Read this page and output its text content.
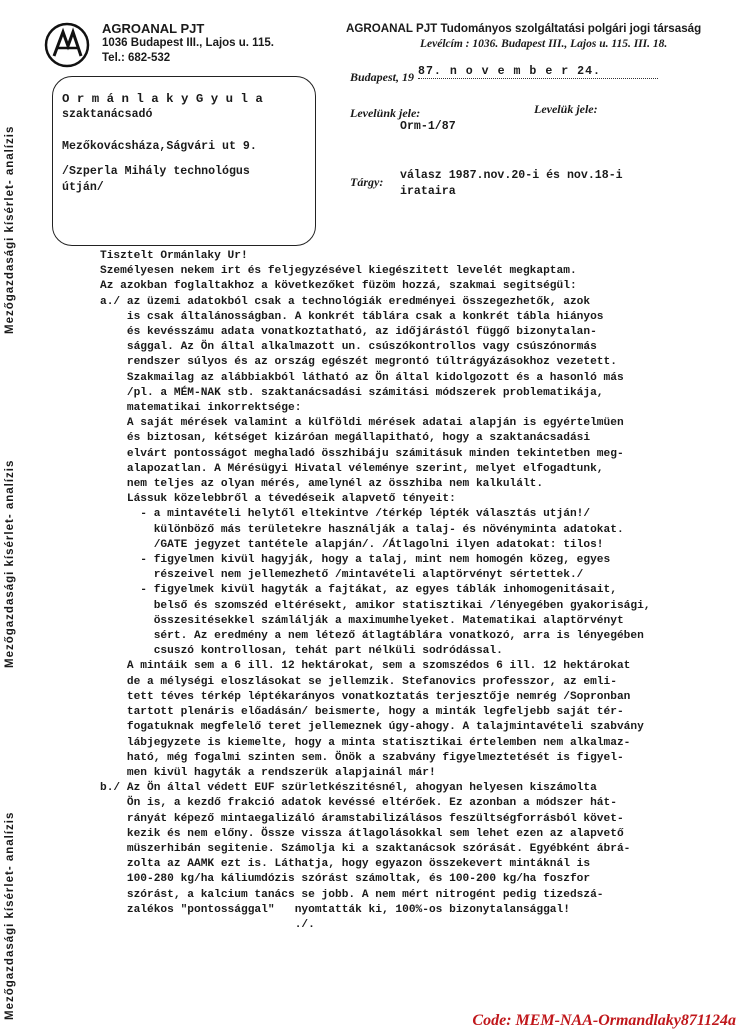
Mezőgazdasági kísérlet- analízis
Mezőgazdasági kísérlet- analízis
Mezőgazdasági kísérlet- analízis
AGROANAL PJT
1036 Budapest III., Lajos u. 115.
Tel.: 682-532
AGROANAL PJT Tudományos szolgáltatási polgári jogi társaság
Levélcím : 1036. Budapest III., Lajos u. 115. III. 18.
Budapest, 19 87. n o v e m b e r 24.
Levelünk jele:
Orm-1/87
Levelük jele:
O r m á n l a k y G y u l a
szaktanácsadó
Mezőkovácsháza,Ságvári ut 9.
/Szperla Mihály technológus
útján/	Tárgy: válasz 1987.nov.20-i és nov.18-i
irataira

Tisztelt Ormánlaky Ur!

Személyesen nekem irt és feljegyzésével kiegészitett levelét megkaptam.

Az azokban foglaltakhoz a következőket füzöm hozzá, szakmai segitségül:

a./ az üzemi adatokból csak a technológiák eredményei összegezhetők, azok

is csak általánosságban. A konkrét táblára csak a konkrét tábla hiányos

és kevésszámu adata vonatkoztatható, az időjárástól függő bizonytalan-

sággal. Az Ön által alkalmazott un. csúszókontrollos vagy csúszónormás

rendszer súlyos és az ország egészét megrontó túltrágyázásokhoz vezetett.

Szakmailag az alábbiakból látható az Ön által kidolgozott és a hasonló más

/pl. a MÉM-NAK stb. szaktanácsadási számitási módszerek problematikája,

matematikai inkorrektsége:

A saját mérések valamint a külföldi mérések adatai alapján is egyértelmüen

és biztosan, kétséget kizáróan megállapitható, hogy a szaktanácsadási

elvárt pontosságot meghaladó összhibáju számitásuk minden tekintetben meg-

alapozatlan. A Mérésügyi Hivatal véleménye szerint, melyet elfogadtunk,

nem teljes az olyan mérés, amelynél az összhiba nem kalkulált.

Lássuk közelebbről a tévedéseik alapvető tényeit:

- a mintavételi helytől eltekintve /térkép lépték választás utján!/

különböző más területekre használják a talaj- és növényminta adatokat.

/GATE jegyzet tantétele alapján/. /Átlagolni ilyen adatokat: tilos!

- figyelmen kivül hagyják, hogy a talaj, mint nem homogén közeg, egyes

részeivel nem jellemezhető /mintavételi alaptörvényt sértettek./

- figyelmek kivül hagyták a fajtákat, az egyes táblák inhomogenitásait,

belső és szomszéd eltérésekt, amikor statisztikai /lényegében gyakorisági,

összesitésekkel számlálják a maximumhelyeket. Matematikai alaptörvényt

sért. Az eredmény a nem létező átlagtáblára vonatkozó, arra is lényegében

csuszó kontrollosan, tehát part nélküli sodródással.

A mintáik sem a 6 ill. 12 hektárokat, sem a szomszédos 6 ill. 12 hektárokat

de a mélységi eloszlásokat se jellemzik. Stefanovics professzor, az emli-

tett téves térkép léptékarányos vonatkoztatás terjesztője nemrég /Sopronban

tartott plenáris előadásán/ beismerte, hogy a minták legfeljebb saját tér-

fogatuknak megfelelő teret jellemeznek úgy-ahogy. A talajmintavételi szabvány

lábjegyzete is kiemelte, hogy a minta statisztikai értelemben nem alkalmaz-

ható, még fogalmi szinten sem. Önök a szabvány figyelmeztetését is figyel-

men kivül hagyták a rendszerük alapjainál már!

b./ Az Ön által védett EUF szürletkészitésnél, ahogyan helyesen kiszámolta

Ön is, a kezdő frakció adatok kevéssé eltérőek. Ez azonban a módszer hát-

rányát képező mintaegalizáló áramstabilizálásos feszültségforrásból követ-

kezik és nem előny. Össze vissza átlagolásokkal sem lehet ezen az alapvető

müszerhibán segitenie. Számolja ki a szaktanácsok szórását. Egyébként ábrá-

zolta az AAMK ezt is. Láthatja, hogy egyazon összekevert mintáknál is

100-280 kg/ha káliumdózis szórást számoltak, és 100-200 kg/ha foszfor

szórást, a kalcium tanács se jobb. A nem mért nitrogént pedig tizedszá-

zalékos "pontossággal"   nyomtatták ki, 100%-os bizonytalansággal!

./.

Code: MEM-NAA-Ormandlaky871124a
